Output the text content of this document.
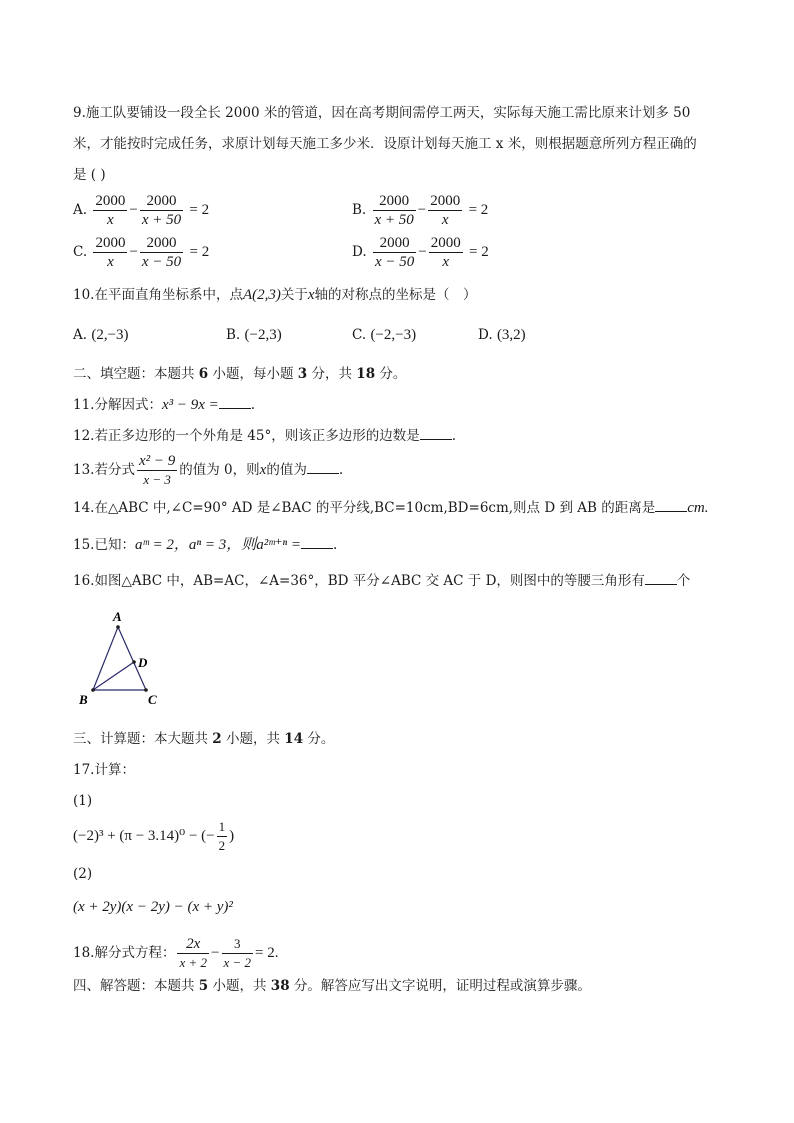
9.施工队要铺设一段全长 2000 米的管道，因在高考期间需停工两天，实际每天施工需比原来计划多 50
米，才能按时完成任务，求原计划每天施工多少米．设原计划每天施工 x 米，则根据题意所列方程正确的
是 ( )
A. $\frac{2000}{x} - \frac{2000}{x + 50} = 2$	B. $\frac{2000}{x + 50} - \frac{2000}{x} = 2$
C. $\frac{2000}{x} - \frac{2000}{x - 50} = 2$	D. $\frac{2000}{x - 50} - \frac{2000}{x} = 2$
10.在平面直角坐标系中，点A(2,3)关于x轴的对称点的坐标是（　）
A. (2,−3)	B. (−2,3)	C. (−2,−3)	D. (3,2)
二、填空题：本题共 6 小题，每小题 3 分，共 18 分。
11.分解因式：x³ − 9x = .
12.若正多边形的一个外角是 45°，则该正多边形的边数是 .
13.若分式 $\frac{\text{x² − 9}}{x - 3}$ 的值为 0，则x的值为 .
14.在△ABC 中,∠C=90° AD 是∠BAC 的平分线,BC=10cm,BD=6cm,则点 D 到 AB 的距离是 cm.
15.已知：aᵐ = 2，aⁿ = 3，则a²ᵐ⁺ⁿ = .
16.如图△ABC 中，AB=AC，∠A=36°，BD 平分∠ABC 交 AC 于 D，则图中的等腰三角形有 个
A
B	C
D
三、计算题：本大题共 2 小题，共 14 分。
17.计算：
(1)
(−2)³ + (π − 3.14)⁰ − (− $\frac{1}{2}$ )
(2)
(x + 2y)(x − 2y) − (x + y)²
18.解分式方程： $\frac{2x}{x + 2} - \frac{3}{x - 2} = 2$.
四、解答题：本题共 5 小题，共 38 分。解答应写出文字说明，证明过程或演算步骤。
